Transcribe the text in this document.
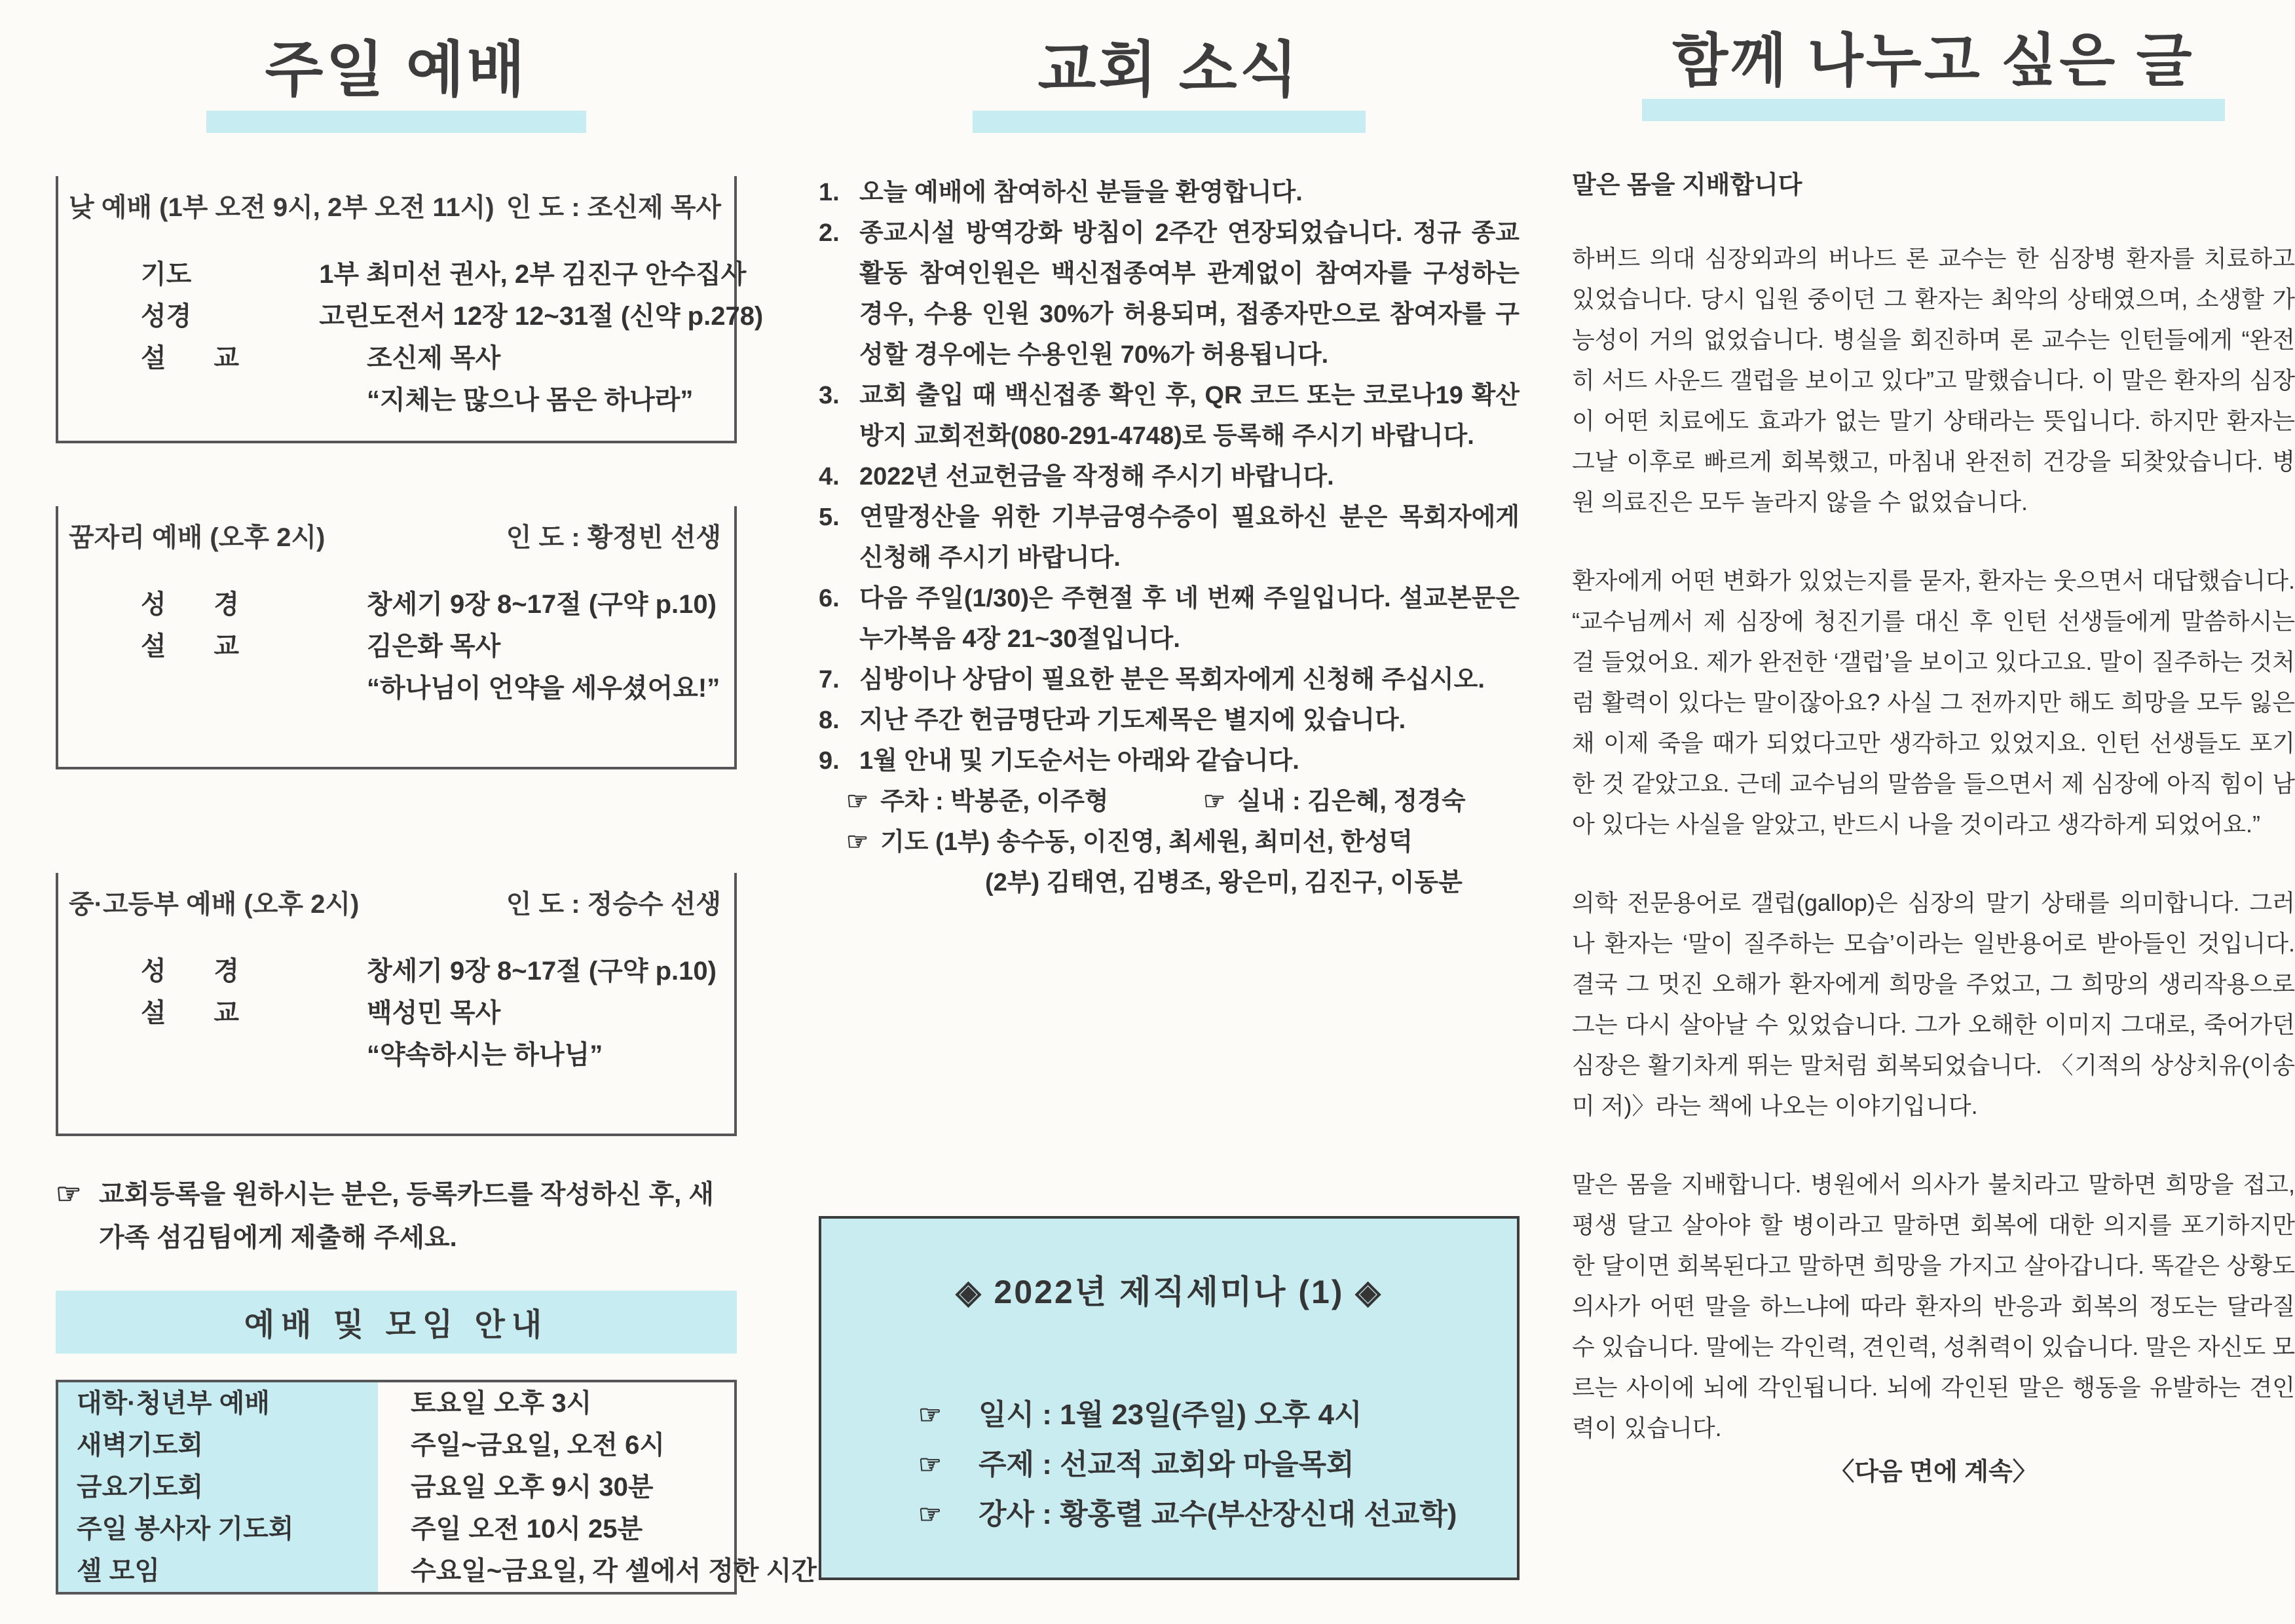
주일 예배
낮 예배 (1부 오전 9시, 2부 오전 11시) 인 도 : 조신제 목사
기 도	1부 최미선 권사, 2부 김진구 안수집사
성 경	고린도전서 12장 12~31절 (신약 p.278)
설 교	조신제 목사
“지체는 많으나 몸은 하나라”
꿈자리 예배 (오후 2시)	인 도 : 황정빈 선생
성 경	창세기 9장 8~17절 (구약 p.10)
설 교	김은화 목사
“하나님이 언약을 세우셨어요!”
중·고등부 예배 (오후 2시)	인 도 : 정승수 선생
성 경	창세기 9장 8~17절 (구약 p.10)
설 교	백성민 목사
“약속하시는 하나님”
☞ 교회등록을 원하시는 분은, 등록카드를 작성하신 후, 새가족 섬김팀에게 제출해 주세요.
예배 및 모임 안내
대학·청년부 예배	토요일 오후 3시
새벽기도회	주일~금요일, 오전 6시
금요기도회	금요일 오후 9시 30분
주일 봉사자 기도회	주일 오전 10시 25분
셀 모임	수요일~금요일, 각 셀에서 정한 시간
교회 소식
1. 오늘 예배에 참여하신 분들을 환영합니다.
2. 종교시설 방역강화 방침이 2주간 연장되었습니다. 정규 종교활동 참여인원은 백신접종여부 관계없이 참여자를 구성하는 경우, 수용 인원 30%가 허용되며, 접종자만으로 참여자를 구성할 경우에는 수용인원 70%가 허용됩니다.
3. 교회 출입 때 백신접종 확인 후, QR 코드 또는 코로나19 확산 방지 교회전화(080-291-4748)로 등록해 주시기 바랍니다.
4. 2022년 선교헌금을 작정해 주시기 바랍니다.
5. 연말정산을 위한 기부금영수증이 필요하신 분은 목회자에게 신청해 주시기 바랍니다.
6. 다음 주일(1/30)은 주현절 후 네 번째 주일입니다. 설교본문은 누가복음 4장 21~30절입니다.
7. 심방이나 상담이 필요한 분은 목회자에게 신청해 주십시오.
8. 지난 주간 헌금명단과 기도제목은 별지에 있습니다.
9. 1월 안내 및 기도순서는 아래와 같습니다.
☞ 주차 : 박봉준, 이주형	☞ 실내 : 김은혜, 정경숙
☞ 기도 (1부) 송수동, 이진영, 최세원, 최미선, 한성덕
(2부) 김태연, 김병조, 왕은미, 김진구, 이동분
◈ 2022년 제직세미나 (1) ◈
☞	일시 : 1월 23일(주일) 오후 4시
☞	주제 : 선교적 교회와 마을목회
☞	강사 : 황홍렬 교수(부산장신대 선교학)
함께 나누고 싶은 글
말은 몸을 지배합니다
하버드 의대 심장외과의 버나드 론 교수는 한 심장병 환자를 치료하고 있었습니다. 당시 입원 중이던 그 환자는 최악의 상태였으며, 소생할 가능성이 거의 없었습니다. 병실을 회진하며 론 교수는 인턴들에게 “완전히 서드 사운드 갤럽을 보이고 있다”고 말했습니다. 이 말은 환자의 심장이 어떤 치료에도 효과가 없는 말기 상태라는 뜻입니다. 하지만 환자는 그날 이후로 빠르게 회복했고, 마침내 완전히 건강을 되찾았습니다. 병원 의료진은 모두 놀라지 않을 수 없었습니다.
환자에게 어떤 변화가 있었는지를 묻자, 환자는 웃으면서 대답했습니다. “교수님께서 제 심장에 청진기를 대신 후 인턴 선생들에게 말씀하시는 걸 들었어요. 제가 완전한 ‘갤럽’을 보이고 있다고요. 말이 질주하는 것처럼 활력이 있다는 말이잖아요? 사실 그 전까지만 해도 희망을 모두 잃은 채 이제 죽을 때가 되었다고만 생각하고 있었지요. 인턴 선생들도 포기한 것 같았고요. 근데 교수님의 말씀을 들으면서 제 심장에 아직 힘이 남아 있다는 사실을 알았고, 반드시 나을 것이라고 생각하게 되었어요.”
의학 전문용어로 갤럽(gallop)은 심장의 말기 상태를 의미합니다. 그러나 환자는 ‘말이 질주하는 모습’이라는 일반용어로 받아들인 것입니다. 결국 그 멋진 오해가 환자에게 희망을 주었고, 그 희망의 생리작용으로 그는 다시 살아날 수 있었습니다. 그가 오해한 이미지 그대로, 죽어가던 심장은 활기차게 뛰는 말처럼 회복되었습니다. 〈기적의 상상치유(이송미 저)〉라는 책에 나오는 이야기입니다.
말은 몸을 지배합니다. 병원에서 의사가 불치라고 말하면 희망을 접고, 평생 달고 살아야 할 병이라고 말하면 회복에 대한 의지를 포기하지만 한 달이면 회복된다고 말하면 희망을 가지고 살아갑니다. 똑같은 상황도 의사가 어떤 말을 하느냐에 따라 환자의 반응과 회복의 정도는 달라질 수 있습니다. 말에는 각인력, 견인력, 성취력이 있습니다. 말은 자신도 모르는 사이에 뇌에 각인됩니다. 뇌에 각인된 말은 행동을 유발하는 견인력이 있습니다.
〈다음 면에 계속〉
